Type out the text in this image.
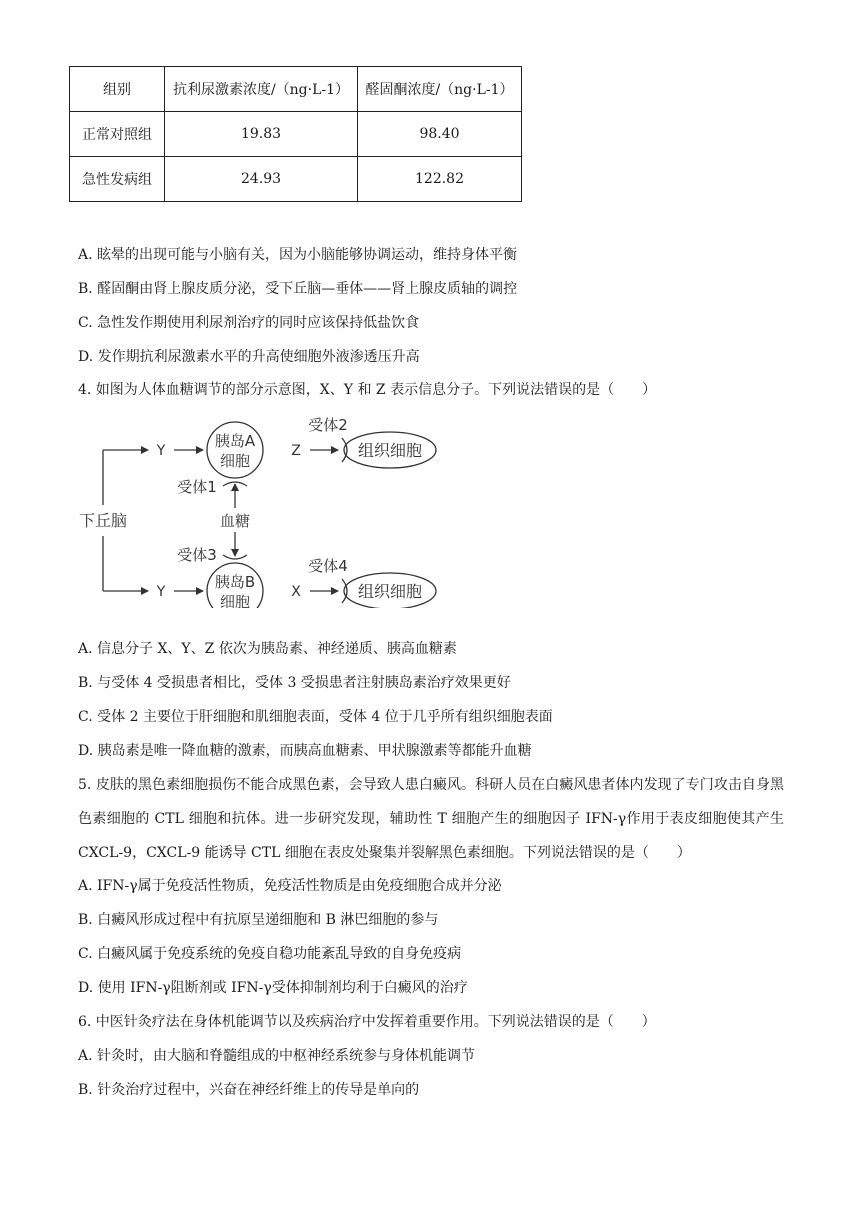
组别	抗利尿激素浓度/（ng·L-1）	醛固酮浓度/（ng·L-1）
正常对照组	19.83	98.40
急性发病组	24.93	122.82
A. 眩晕的出现可能与小脑有关，因为小脑能够协调运动，维持身体平衡
B. 醛固酮由肾上腺皮质分泌，受下丘脑—垂体——肾上腺皮质轴的调控
C. 急性发作期使用利尿剂治疗的同时应该保持低盐饮食
D. 发作期抗利尿激素水平的升高使细胞外液渗透压升高
4. 如图为人体血糖调节的部分示意图，X、Y 和 Z 表示信息分子。下列说法错误的是（　　）
下丘脑
Y
Y
胰岛A
细胞
胰岛B
细胞
血糖
受体1
受体3
Z
X
受体2
受体4
组织细胞
组织细胞
A. 信息分子 X、Y、Z 依次为胰岛素、神经递质、胰高血糖素
B. 与受体 4 受损患者相比，受体 3 受损患者注射胰岛素治疗效果更好
C. 受体 2 主要位于肝细胞和肌细胞表面，受体 4 位于几乎所有组织细胞表面
D. 胰岛素是唯一降血糖的激素，而胰高血糖素、甲状腺激素等都能升血糖
5. 皮肤的黑色素细胞损伤不能合成黑色素，会导致人患白癜风。科研人员在白癜风患者体内发现了专门攻击自身黑色素细胞的 CTL 细胞和抗体。进一步研究发现，辅助性 T 细胞产生的细胞因子 IFN-γ作用于表皮细胞使其产生 CXCL-9，CXCL-9 能诱导 CTL 细胞在表皮处聚集并裂解黑色素细胞。下列说法错误的是（　　）
A. IFN-γ属于免疫活性物质，免疫活性物质是由免疫细胞合成并分泌
B. 白癜风形成过程中有抗原呈递细胞和 B 淋巴细胞的参与
C. 白癜风属于免疫系统的免疫自稳功能紊乱导致的自身免疫病
D. 使用 IFN-γ阻断剂或 IFN-γ受体抑制剂均利于白癜风的治疗
6. 中医针灸疗法在身体机能调节以及疾病治疗中发挥着重要作用。下列说法错误的是（　　）
A. 针灸时，由大脑和脊髓组成的中枢神经系统参与身体机能调节
B. 针灸治疗过程中，兴奋在神经纤维上的传导是单向的
